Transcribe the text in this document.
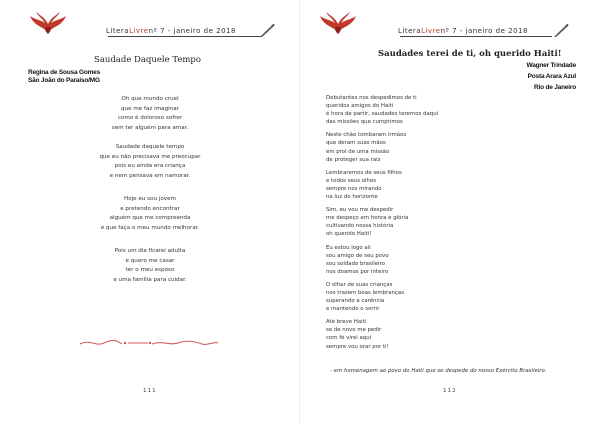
LiteraLivrenº 7 - janeiro de 2018
Saudade Daquele Tempo
Regina de Sousa Gomes
São João do Paraíso/MG
Oh que mundo cruel
que me faz imaginar
como é doloroso sofrer
sem ter alguém para amar.
Saudade daquele tempo
que eu não precisava me preocupar
pois eu ainda era criança
e nem pensava em namorar.
Hoje eu sou jovem
e pretendo encontrar
alguém que me compreenda
e que faça o meu mundo melhorar.
Pois um dia ficarei adulta
e quero me casar
ter o meu esposo
e uma família para cuidar.
111
LiteraLivrenº 7 - janeiro de 2018
Saudades terei de ti, oh querido Haiti!
Wagner Trindade
Posta Arara Azul
Rio de Janeiro
Debutantes nos despedimos de ti
queridos amigos do Haiti
é hora de partir, saudades teremos daqui
das missões que cumprimos
Neste chão tombaram irmãos
que deram suas mãos
em prol de uma missão
de proteger sua raiz
Lembraremos de seus filhos
e todos seus olhos
sempre nos mirando
na luz do horizonte
Sim, eu vou me despedir
me despeço em honra e glória
cultivando nossa história
oh querido Haiti!
Eu estou logo ali
sou amigo de seu povo
sou soldado brasileiro
nos doamos por inteiro
O olhar de suas crianças
nos trazem boas lembranças
superando a carência
e mantendo o sorrir
Até breve Haiti
se de novo me pedir
com fé virei aqui
sempre vou orar por ti!
- em homenagem ao povo do Haiti que se despede do nosso Exército Brasileiro.
112
